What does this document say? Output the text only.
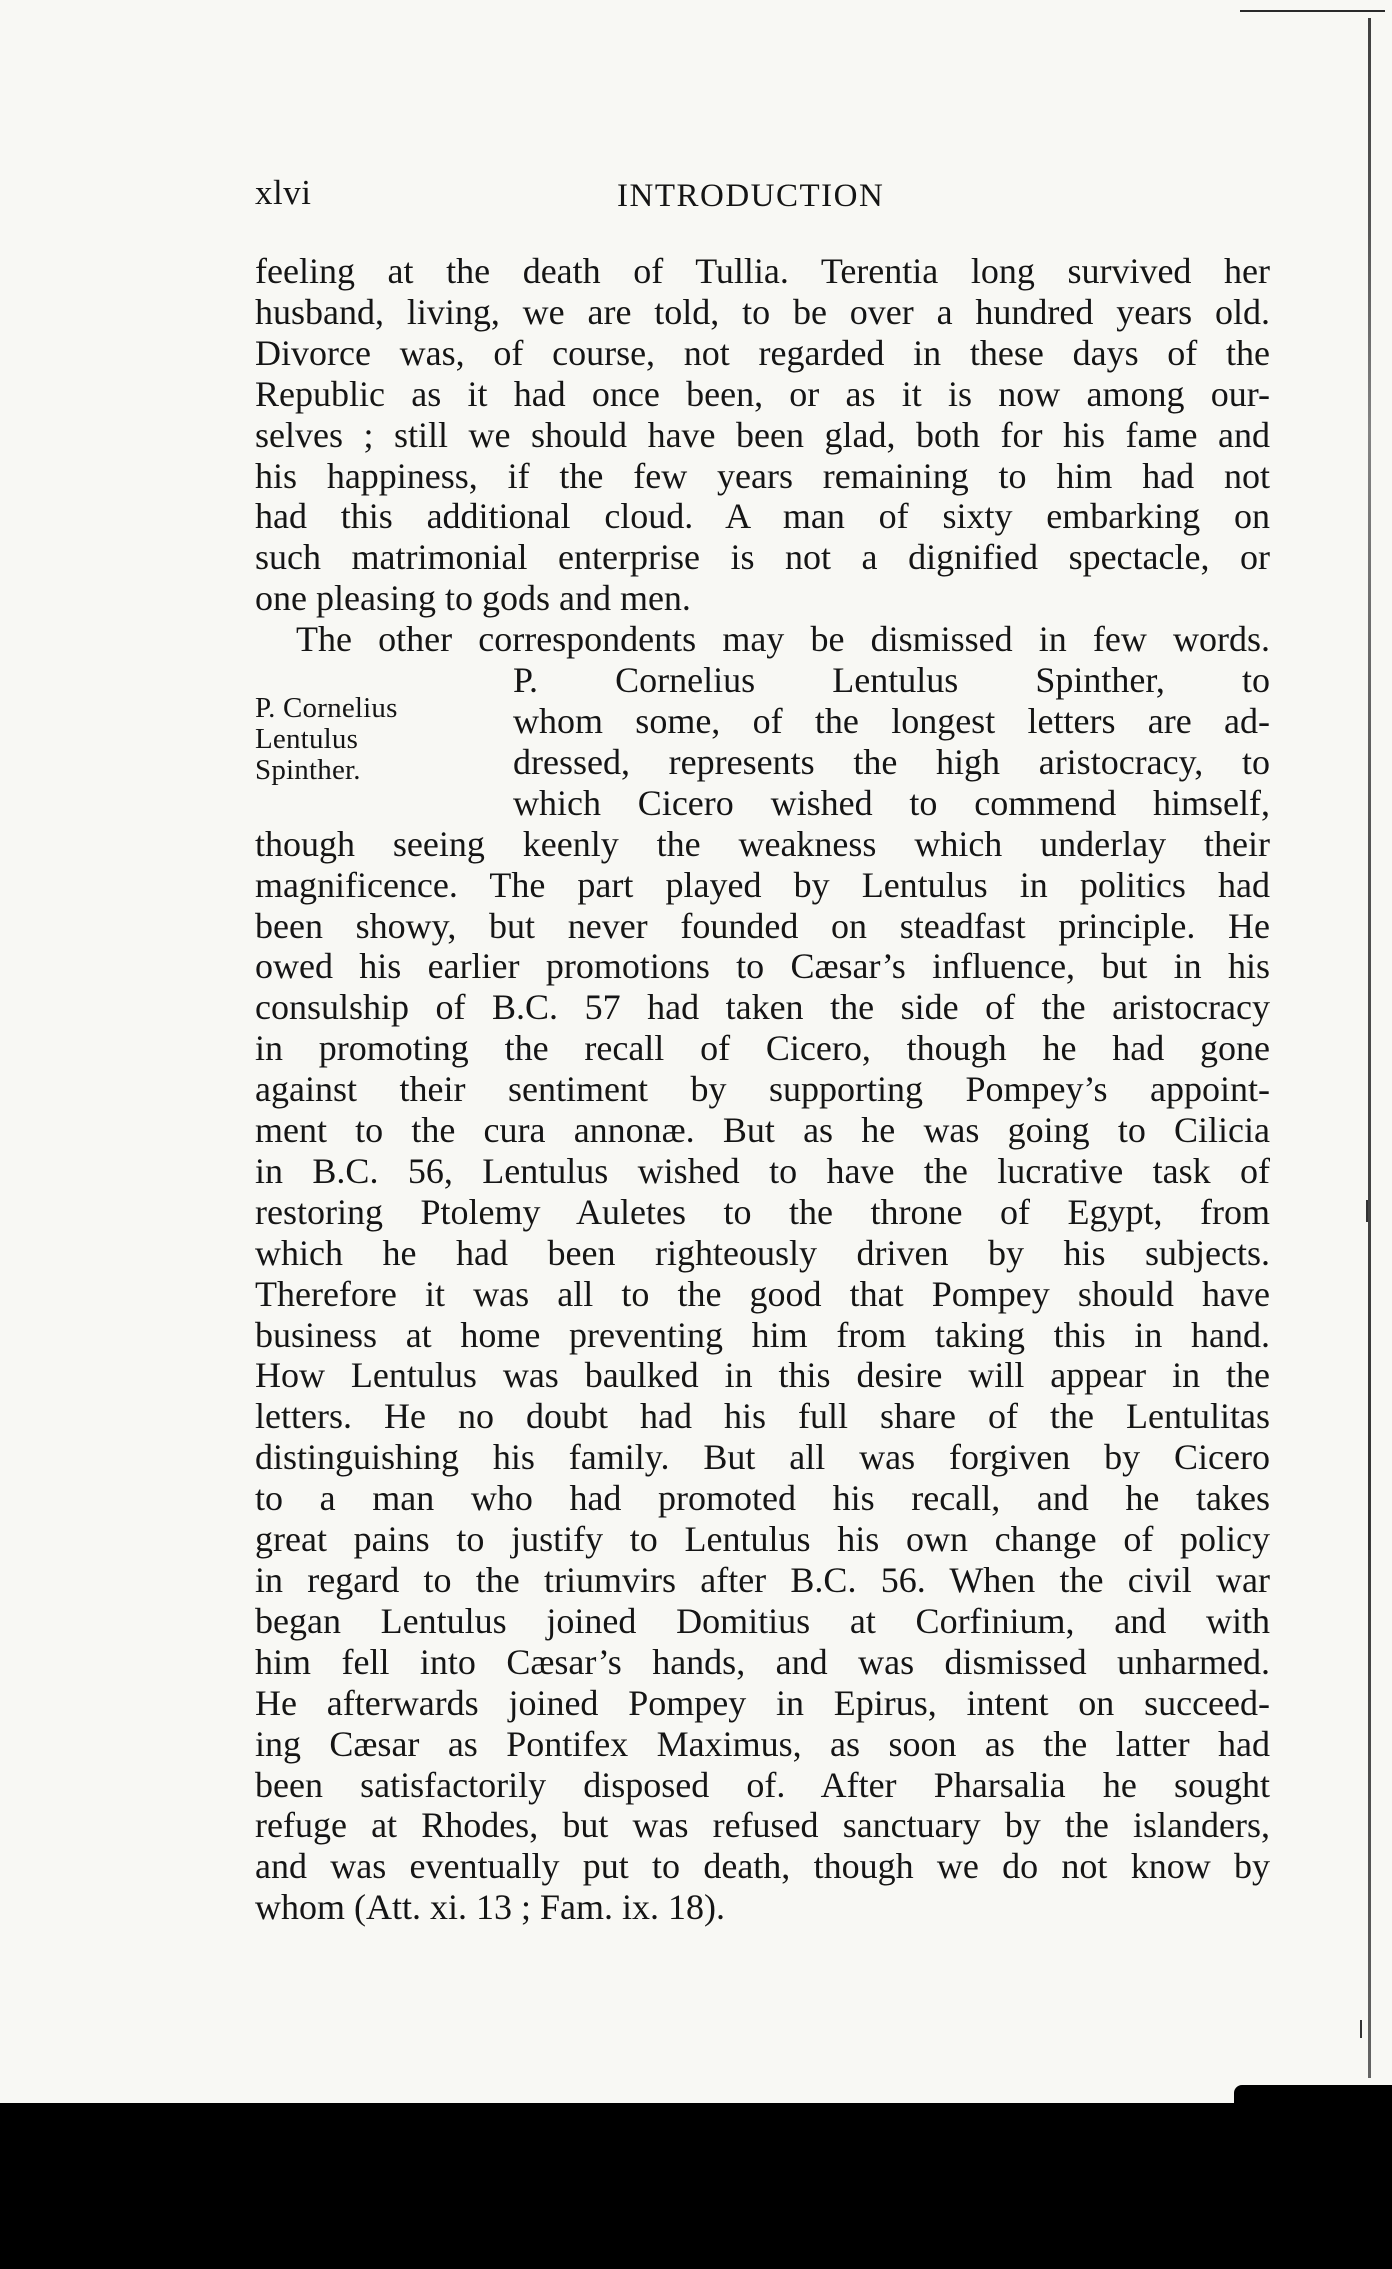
xlvi	INTRODUCTION
P. Cornelius
Lentulus
Spinther.
feeling at the death of Tullia. Terentia long survived her
husband, living, we are told, to be over a hundred years old.
Divorce was, of course, not regarded in these days of the
Republic as it had once been, or as it is now among our-
selves ; still we should have been glad, both for his fame and
his happiness, if the few years remaining to him had not
had this additional cloud. A man of sixty embarking on
such matrimonial enterprise is not a dignified spectacle, or
one pleasing to gods and men.
The other correspondents may be dismissed in few words.
P. Cornelius Lentulus Spinther, to
whom some, of the longest letters are ad-
dressed, represents the high aristocracy, to
which Cicero wished to commend himself,
though seeing keenly the weakness which underlay their
magnificence. The part played by Lentulus in politics had
been showy, but never founded on steadfast principle. He
owed his earlier promotions to Cæsar’s influence, but in his
consulship of B.C. 57 had taken the side of the aristocracy
in promoting the recall of Cicero, though he had gone
against their sentiment by supporting Pompey’s appoint-
ment to the cura annonæ. But as he was going to Cilicia
in B.C. 56, Lentulus wished to have the lucrative task of
restoring Ptolemy Auletes to the throne of Egypt, from
which he had been righteously driven by his subjects.
Therefore it was all to the good that Pompey should have
business at home preventing him from taking this in hand.
How Lentulus was baulked in this desire will appear in the
letters. He no doubt had his full share of the Lentulitas
distinguishing his family. But all was forgiven by Cicero
to a man who had promoted his recall, and he takes
great pains to justify to Lentulus his own change of policy
in regard to the triumvirs after B.C. 56. When the civil war
began Lentulus joined Domitius at Corfinium, and with
him fell into Cæsar’s hands, and was dismissed unharmed.
He afterwards joined Pompey in Epirus, intent on succeed-
ing Cæsar as Pontifex Maximus, as soon as the latter had
been satisfactorily disposed of. After Pharsalia he sought
refuge at Rhodes, but was refused sanctuary by the islanders,
and was eventually put to death, though we do not know by
whom (Att. xi. 13 ; Fam. ix. 18).
